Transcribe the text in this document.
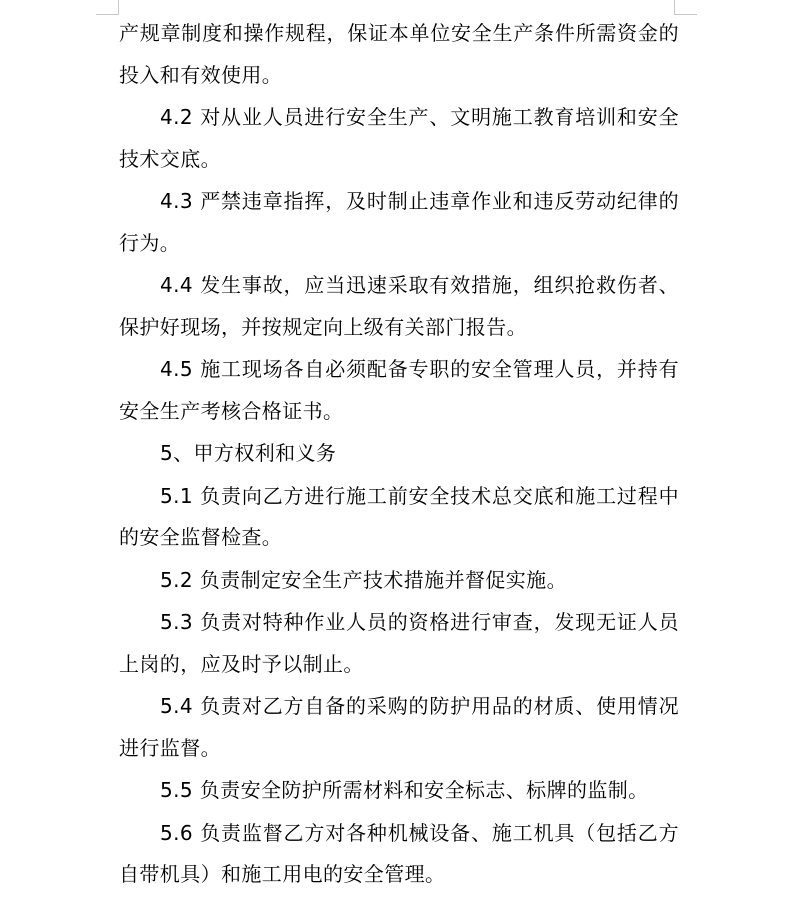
产规章制度和操作规程，保证本单位安全生产条件所需资金的投入和有效使用。

4.2 对从业人员进行安全生产、文明施工教育培训和安全技术交底。

4.3 严禁违章指挥，及时制止违章作业和违反劳动纪律的行为。

4.4 发生事故，应当迅速采取有效措施，组织抢救伤者、保护好现场，并按规定向上级有关部门报告。

4.5 施工现场各自必须配备专职的安全管理人员，并持有安全生产考核合格证书。

5、甲方权利和义务

5.1 负责向乙方进行施工前安全技术总交底和施工过程中的安全监督检查。

5.2 负责制定安全生产技术措施并督促实施。

5.3 负责对特种作业人员的资格进行审查，发现无证人员上岗的，应及时予以制止。

5.4 负责对乙方自备的采购的防护用品的材质、使用情况进行监督。

5.5 负责安全防护所需材料和安全标志、标牌的监制。

5.6 负责监督乙方对各种机械设备、施工机具（包括乙方自带机具）和施工用电的安全管理。
